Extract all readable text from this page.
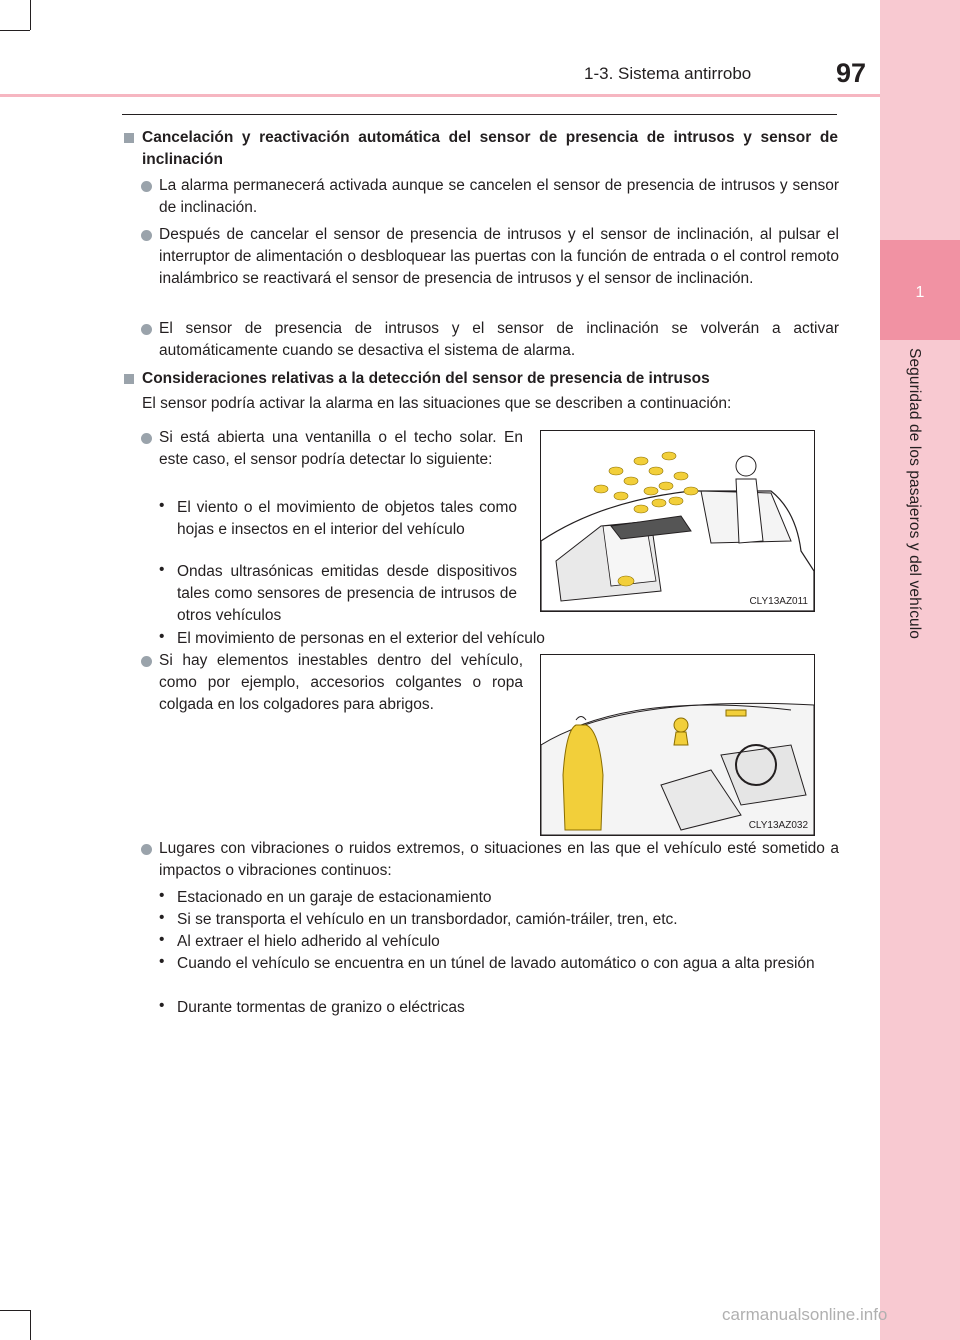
1
Seguridad de los pasajeros y del vehículo
1-3. Sistema antirrobo	97
Cancelación y reactivación automática del sensor de presencia de intrusos y sensor de inclinación
La alarma permanecerá activada aunque se cancelen el sensor de presencia de intrusos y sensor de inclinación.
Después de cancelar el sensor de presencia de intrusos y el sensor de inclinación, al pulsar el interruptor de alimentación o desbloquear las puertas con la función de entrada o el control remoto inalámbrico se reactivará el sensor de presencia de intrusos y el sensor de inclinación.
El sensor de presencia de intrusos y el sensor de inclinación se volverán a activar automáticamente cuando se desactiva el sistema de alarma.
Consideraciones relativas a la detección del sensor de presencia de intrusos
El sensor podría activar la alarma en las situaciones que se describen a continuación:
Si está abierta una ventanilla o el techo solar. En este caso, el sensor podría detectar lo siguiente:
• El viento o el movimiento de objetos tales como hojas e insectos en el interior del vehículo
• Ondas ultrasónicas emitidas desde dispositivos tales como sensores de presencia de intrusos de otros vehículos
• El movimiento de personas en el exterior del vehículo
CLY13AZ011
Si hay elementos inestables dentro del vehículo, como por ejemplo, accesorios colgantes o ropa colgada en los colgadores para abrigos.
CLY13AZ032
Lugares con vibraciones o ruidos extremos, o situaciones en las que el vehículo esté sometido a impactos o vibraciones continuos:
• Estacionado en un garaje de estacionamiento
• Si se transporta el vehículo en un transbordador, camión-tráiler, tren, etc.
• Al extraer el hielo adherido al vehículo
• Cuando el vehículo se encuentra en un túnel de lavado automático o con agua a alta presión
• Durante tormentas de granizo o eléctricas
carmanualsonline.info
